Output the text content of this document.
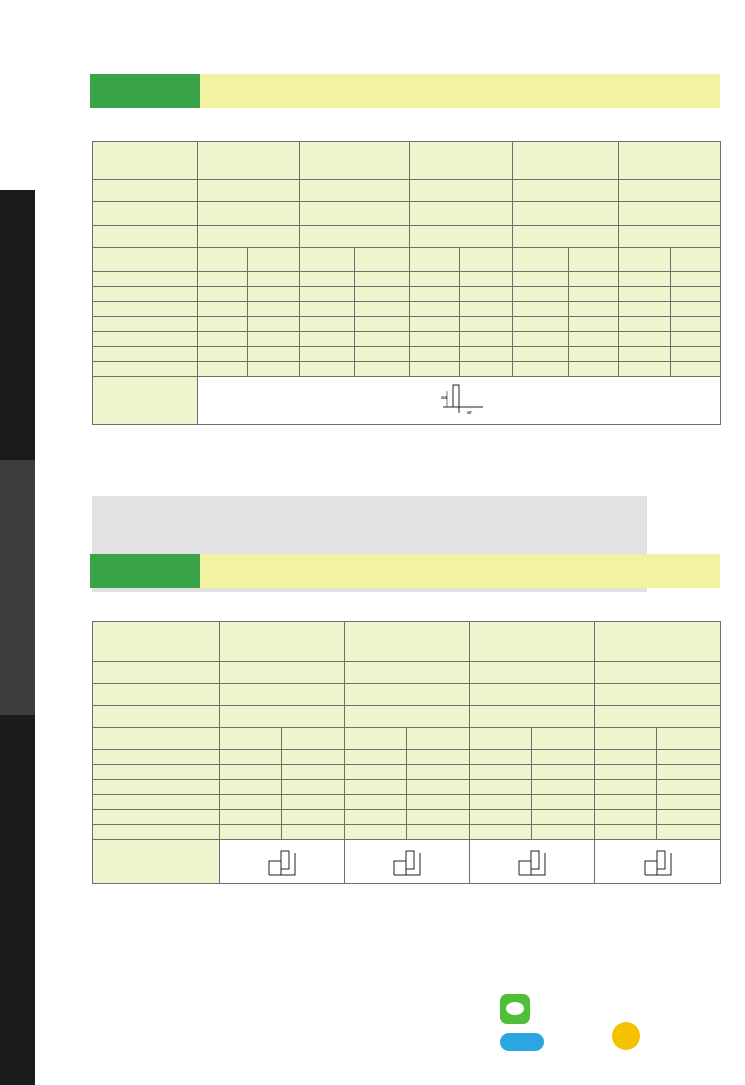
aa
ar
